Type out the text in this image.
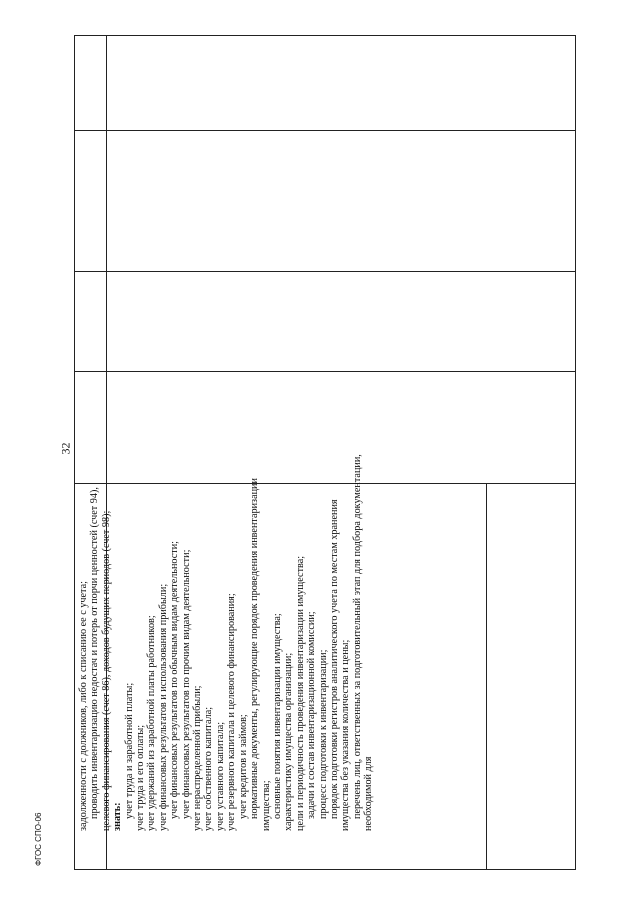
32
ФГОС СПО-06

задолженности с должников, либо к списанию ее с учета; проводить инвентаризацию недостач и потерь от порчи ценностей (счет 94), целевого финансирования (счет 86), доходов будущих периодов (счет 98); знать: учет труда и заработной платы; учет труда и его оплаты; учет удержаний из заработной платы работников; учет финансовых результатов и использования прибыли; учет финансовых результатов по обычным видам деятельности; учет финансовых результатов по прочим видам деятельности; учет нераспределенной прибыли; учет собственного капитала; учет уставного капитала; учет резервного капитала и целевого финансирования; учет кредитов и займов; нормативные документы, регулирующие порядок проведения инвентаризации имущества; основные понятия инвентаризации имущества; характеристику имущества организации; цели и периодичность проведения инвентаризации имущества; задачи и состав инвентаризационной комиссии; процесс подготовки к инвентаризации; порядок подготовки регистров аналитического учета по местам хранения имущества без указания количества и цены; перечень лиц, ответственных за подготовительный этап для подбора документации, необходимой для
